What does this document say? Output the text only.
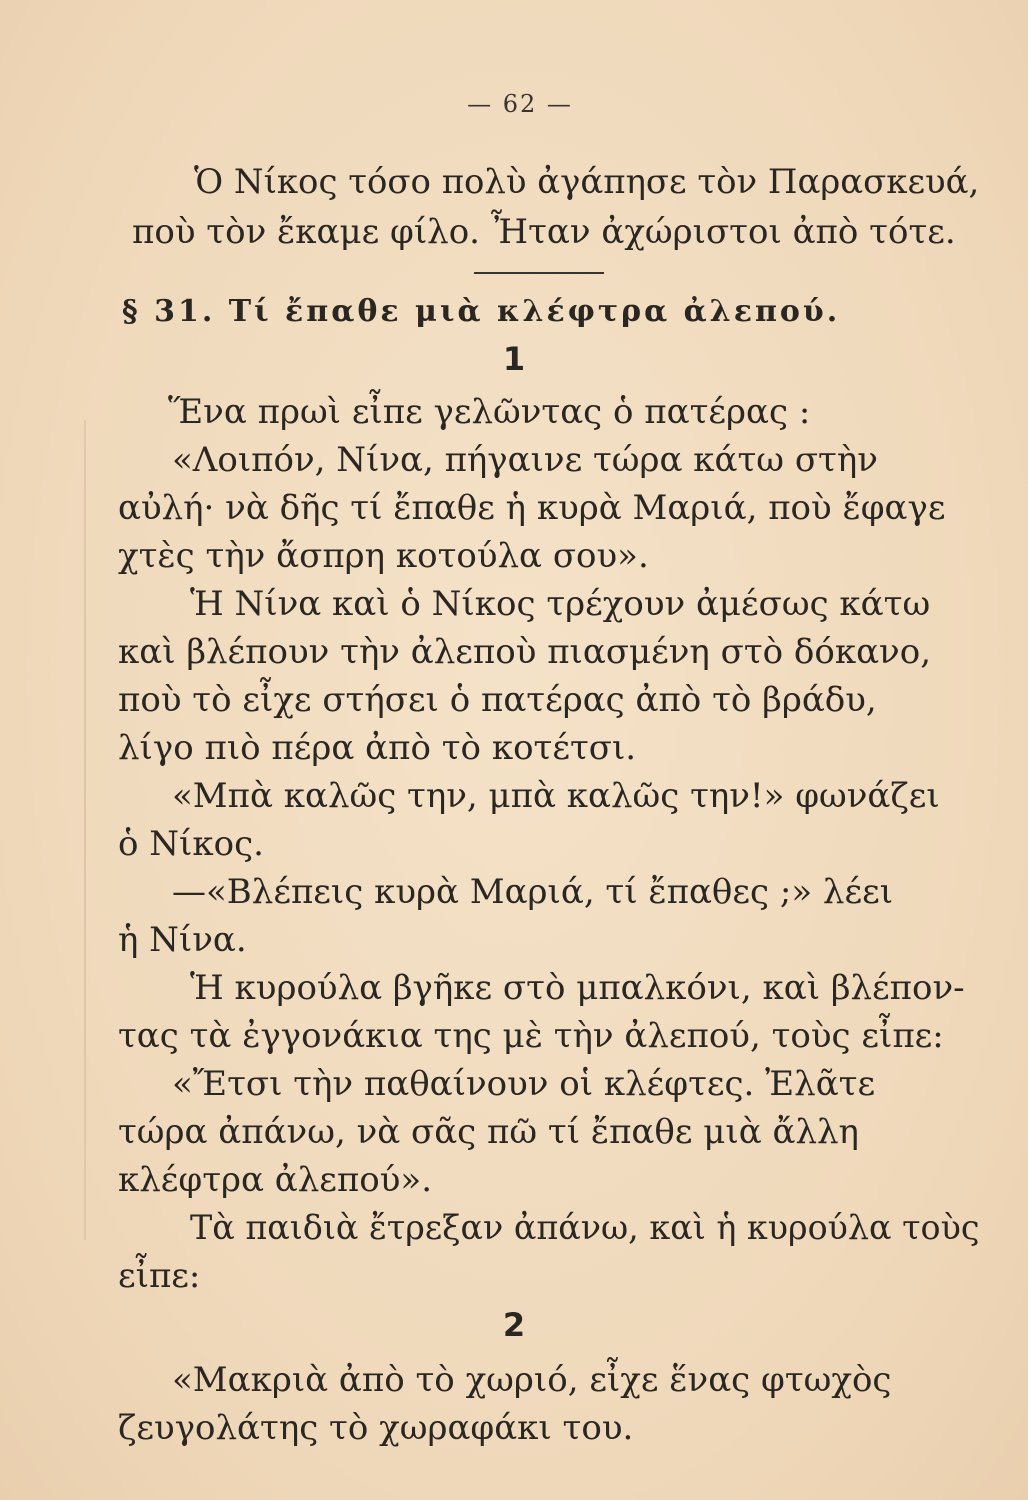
— 62 —
Ὁ Νίκος τόσο πολὺ ἀγάπησε τὸν Παρασκευά,
ποὺ τὸν ἔκαμε φίλο. Ἦταν ἀχώριστοι ἀπὸ τότε.
§ 31. Τί ἔπαθε μιὰ κλέφτρα ἀλεπού.
1
Ἕνα πρωὶ εἶπε γελῶντας ὁ πατέρας :
«Λοιπόν, Νίνα, πήγαινε τώρα κάτω στὴν
αὐλή· νὰ δῆς τί ἔπαθε ἡ κυρὰ Μαριά, ποὺ ἔφαγε
χτὲς τὴν ἄσπρη κοτούλα σου».
Ἡ Νίνα καὶ ὁ Νίκος τρέχουν ἀμέσως κάτω
καὶ βλέπουν τὴν ἀλεποὺ πιασμένη στὸ δόκανο,
ποὺ τὸ εἶχε στήσει ὁ πατέρας ἀπὸ τὸ βράδυ,
λίγο πιὸ πέρα ἀπὸ τὸ κοτέτσι.
«Μπὰ καλῶς την, μπὰ καλῶς την!» φωνάζει
ὁ Νίκος.
—«Βλέπεις κυρὰ Μαριά, τί ἔπαθες ;» λέει
ἡ Νίνα.
Ἡ κυρούλα βγῆκε στὸ μπαλκόνι, καὶ βλέπον-
τας τὰ ἐγγονάκια της μὲ τὴν ἀλεπού, τοὺς εἶπε:
«Ἔτσι τὴν παθαίνουν οἱ κλέφτες. Ἐλᾶτε
τώρα ἀπάνω, νὰ σᾶς πῶ τί ἔπαθε μιὰ ἄλλη
κλέφτρα ἀλεπού».
Τὰ παιδιὰ ἔτρεξαν ἀπάνω, καὶ ἡ κυρούλα τοὺς
εἶπε:
2
«Μακριὰ ἀπὸ τὸ χωριό, εἶχε ἕνας φτωχὸς
ζευγολάτης τὸ χωραφάκι του.
